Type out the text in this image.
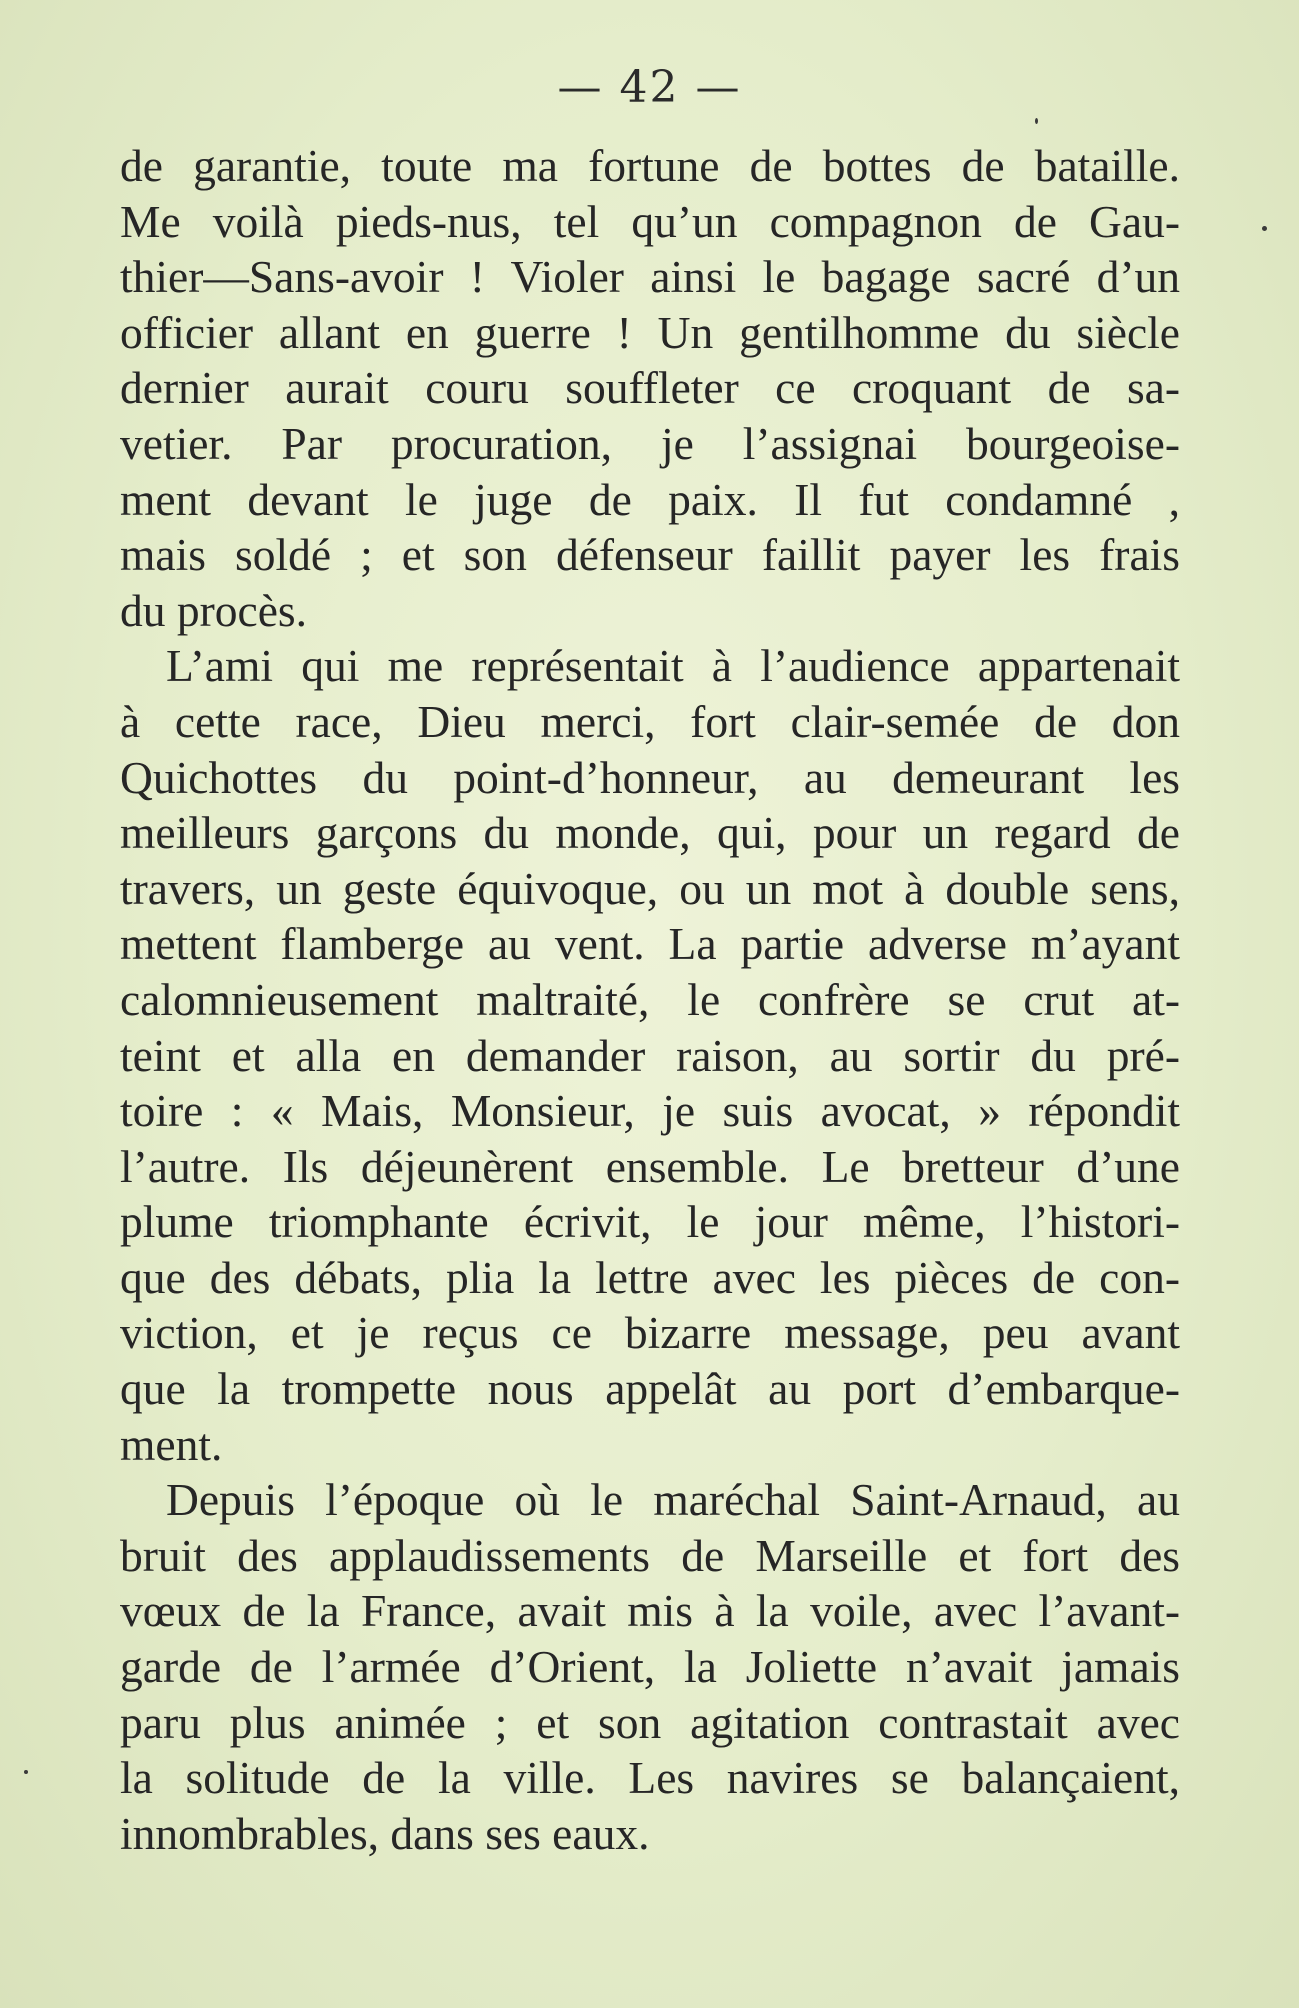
— 42 —
de garantie, toute ma fortune de bottes de bataille.
Me voilà pieds-nus, tel qu’un compagnon de Gau-
thier—Sans-avoir ! Violer ainsi le bagage sacré d’un
officier allant en guerre ! Un gentilhomme du siècle
dernier aurait couru souffleter ce croquant de sa-
vetier. Par procuration, je l’assignai bourgeoise-
ment devant le juge de paix. Il fut condamné ,
mais soldé ; et son défenseur faillit payer les frais
du procès.
L’ami qui me représentait à l’audience appartenait
à cette race, Dieu merci, fort clair-semée de don
Quichottes du point-d’honneur, au demeurant les
meilleurs garçons du monde, qui, pour un regard de
travers, un geste équivoque, ou un mot à double sens,
mettent flamberge au vent. La partie adverse m’ayant
calomnieusement maltraité, le confrère se crut at-
teint et alla en demander raison, au sortir du pré-
toire : « Mais, Monsieur, je suis avocat, » répondit
l’autre. Ils déjeunèrent ensemble. Le bretteur d’une
plume triomphante écrivit, le jour même, l’histori-
que des débats, plia la lettre avec les pièces de con-
viction, et je reçus ce bizarre message, peu avant
que la trompette nous appelât au port d’embarque-
ment.
Depuis l’époque où le maréchal Saint-Arnaud, au
bruit des applaudissements de Marseille et fort des
vœux de la France, avait mis à la voile, avec l’avant-
garde de l’armée d’Orient, la Joliette n’avait jamais
paru plus animée ; et son agitation contrastait avec
la solitude de la ville. Les navires se balançaient,
innombrables, dans ses eaux.
